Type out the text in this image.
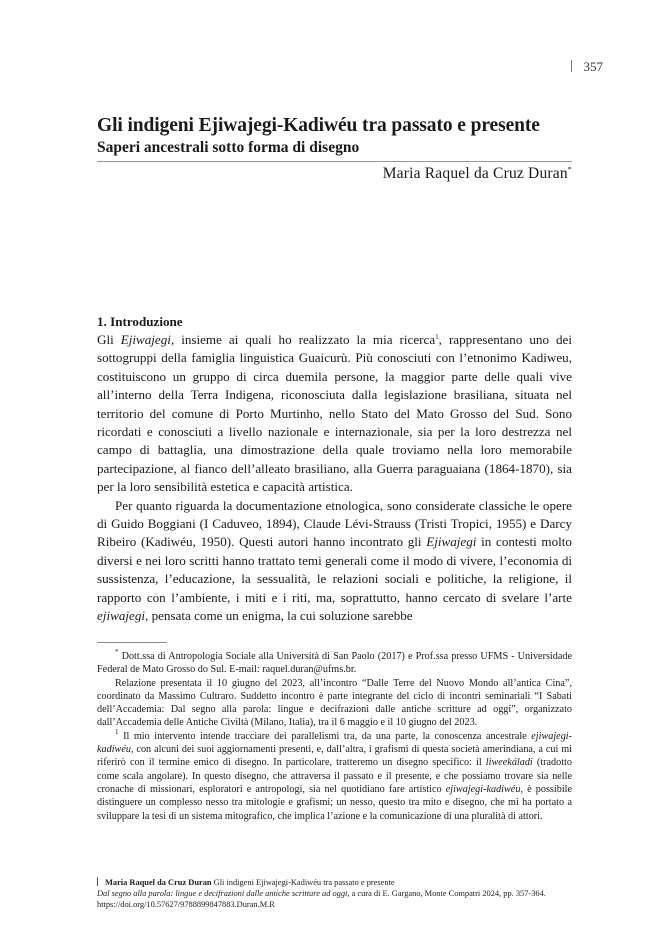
357
Gli indigeni Ejiwajegi-Kadiwéu tra passato e presente
Saperi ancestrali sotto forma di disegno

Maria Raquel da Cruz Duran*

1. Introduzione

Gli Ejiwajegi, insieme ai quali ho realizzato la mia ricerca$^1$, rappresentano uno dei sottogruppi della famiglia linguistica Guaicurù. Più conosciuti con l’etnonimo Kadiweu, costituiscono un gruppo di circa duemila persone, la maggior parte delle quali vive all’interno della Terra Indigena, riconosciuta dalla legislazione brasiliana, situata nel territorio del comune di Porto Murtinho, nello Stato del Mato Grosso del Sud. Sono ricordati e conosciuti a livello nazionale e internazionale, sia per la loro destrezza nel campo di battaglia, una dimostrazione della quale troviamo nella loro memorabile partecipazione, al fianco dell’alleato brasiliano, alla Guerra paraguaiana (1864-1870), sia per la loro sensibilità estetica e capacità artistica.

Per quanto riguarda la documentazione etnologica, sono considerate classiche le opere di Guido Boggiani (I Caduveo, 1894), Claude Lévi-Strauss (Tristi Tropici, 1955) e Darcy Ribeiro (Kadiwéu, 1950). Questi autori hanno incontrato gli Ejiwajegi in contesti molto diversi e nei loro scritti hanno trattato temi generali come il modo di vivere, l’economia di sussistenza, l’educazione, la sessualità, le relazioni sociali e politiche, la religione, il rapporto con l’ambiente, i miti e i riti, ma, soprattutto, hanno cercato di svelare l’arte ejiwajegi, pensata come un enigma, la cui soluzione sarebbe

* Dott.ssa di Antropologia Sociale alla Università di San Paolo (2017) e Prof.ssa presso UFMS - Universidade Federal de Mato Grosso do Sul. E-mail: raquel.duran@ufms.br.

Relazione presentata il 10 giugno del 2023, all’incontro “Dalle Terre del Nuovo Mondo all’antica Cina”, coordinato da Massimo Cultraro. Suddetto incontro è parte integrante del ciclo di incontri seminariali “I Sabati dell’Accademia: Dal segno alla parola: lingue e decifrazioni dalle antiche scritture ad oggi”, organizzato dall’Accademia delle Antiche Civiltà (Milano, Italia), tra il 6 maggio e il 10 giugno del 2023.

$^1$ Il mio intervento intende tracciare dei parallelismi tra, da una parte, la conoscenza ancestrale ejiwajegi-kadiwéu, con alcuni dei suoi aggiornamenti presenti, e, dall’altra, i grafismi di questa società amerindiana, a cui mi riferirò con il termine emico di disegno. In particolare, tratteremo un disegno specifico: il liweekáladi (tradotto come scala angolare). In questo disegno, che attraversa il passato e il presente, e che possiamo trovare sia nelle cronache di missionari, esploratori e antropologi, sia nel quotidiano fare artistico ejiwajegi-kadiwéu, è possibile distinguere un complesso nesso tra mitologie e grafismi; un nesso, questo tra mito e disegno, che mi ha portato a sviluppare la tesi di un sistema mitografico, che implica l’azione e la comunicazione di una pluralità di attori.

Maria Raquel da Cruz Duran Gli indigeni Ejiwajegi-Kadiwéu tra passato e presente
Dal segno alla parola: lingue e decifrazioni dalle antiche scritture ad oggi, a cura di E. Gargano, Monte Compatri 2024, pp. 357-364.
https://doi.org/10.57627/9788899847883.Duran.M.R
